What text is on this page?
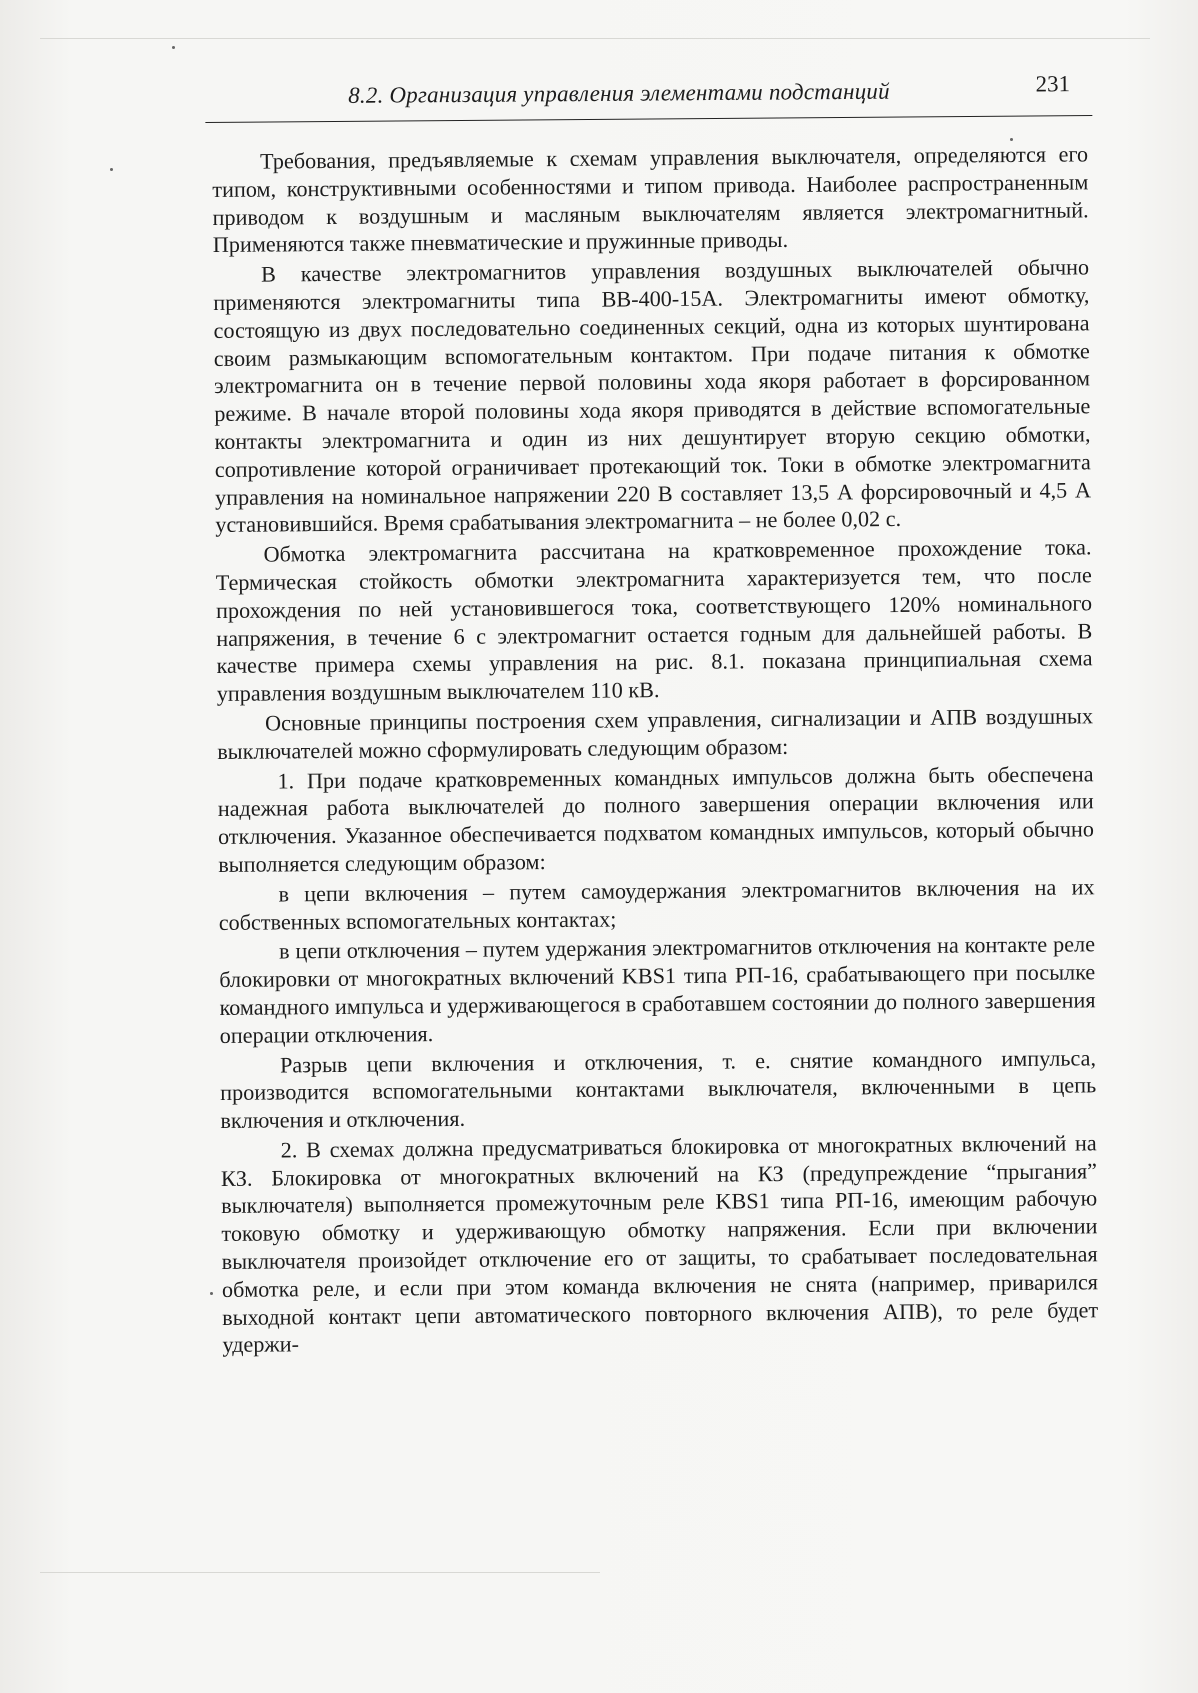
8.2. Организация управления элементами подстанций	231

Требования, предъявляемые к схемам управления выключателя, определяются его типом, конструктивными особенностями и типом привода. Наиболее распространенным приводом к воздушным и масляным выключателям является электромагнитный. Применяются также пневматические и пружинные приводы.

В качестве электромагнитов управления воздушных выключателей обычно применяются электромагниты типа ВВ-400-15А. Электромагниты имеют обмотку, состоящую из двух последовательно соединенных секций, одна из которых шунтирована своим размыкающим вспомогательным контактом. При подаче питания к обмотке электромагнита он в течение первой половины хода якоря работает в форсированном режиме. В начале второй половины хода якоря приводятся в действие вспомогательные контакты электромагнита и один из них дешунтирует вторую секцию обмотки, сопротивление которой ограничивает протекающий ток. Токи в обмотке электромагнита управления на номинальное напряжении 220 В составляет 13,5 А форсировочный и 4,5 А установившийся. Время срабатывания электромагнита – не более 0,02 с.

Обмотка электромагнита рассчитана на кратковременное прохождение тока. Термическая стойкость обмотки электромагнита характеризуется тем, что после прохождения по ней установившегося тока, соответствующего 120% номинального напряжения, в течение 6 с электромагнит остается годным для дальнейшей работы. В качестве примера схемы управления на рис. 8.1. показана принципиальная схема управления воздушным выключателем 110 кВ.

Основные принципы построения схем управления, сигнализации и АПВ воздушных выключателей можно сформулировать следующим образом:

1. При подаче кратковременных командных импульсов должна быть обеспечена надежная работа выключателей до полного завершения операции включения или отключения. Указанное обеспечивается подхватом командных импульсов, который обычно выполняется следующим образом:

в цепи включения – путем самоудержания электромагнитов включения на их собственных вспомогательных контактах;

в цепи отключения – путем удержания электромагнитов отключения на контакте реле блокировки от многократных включений KBS1 типа РП-16, срабатывающего при посылке командного импульса и удерживающегося в сработавшем состоянии до полного завершения операции отключения.

Разрыв цепи включения и отключения, т. е. снятие командного импульса, производится вспомогательными контактами выключателя, включенными в цепь включения и отключения.

2. В схемах должна предусматриваться блокировка от многократных включений на КЗ. Блокировка от многократных включений на КЗ (предупреждение “прыгания” выключателя) выполняется промежуточным реле KBS1 типа РП-16, имеющим рабочую токовую обмотку и удерживающую обмотку напряжения. Если при включении выключателя произойдет отключение его от защиты, то срабатывает последовательная обмотка реле, и если при этом команда включения не снята (например, приварился выходной контакт цепи автоматического повторного включения АПВ), то реле будет удержи-
